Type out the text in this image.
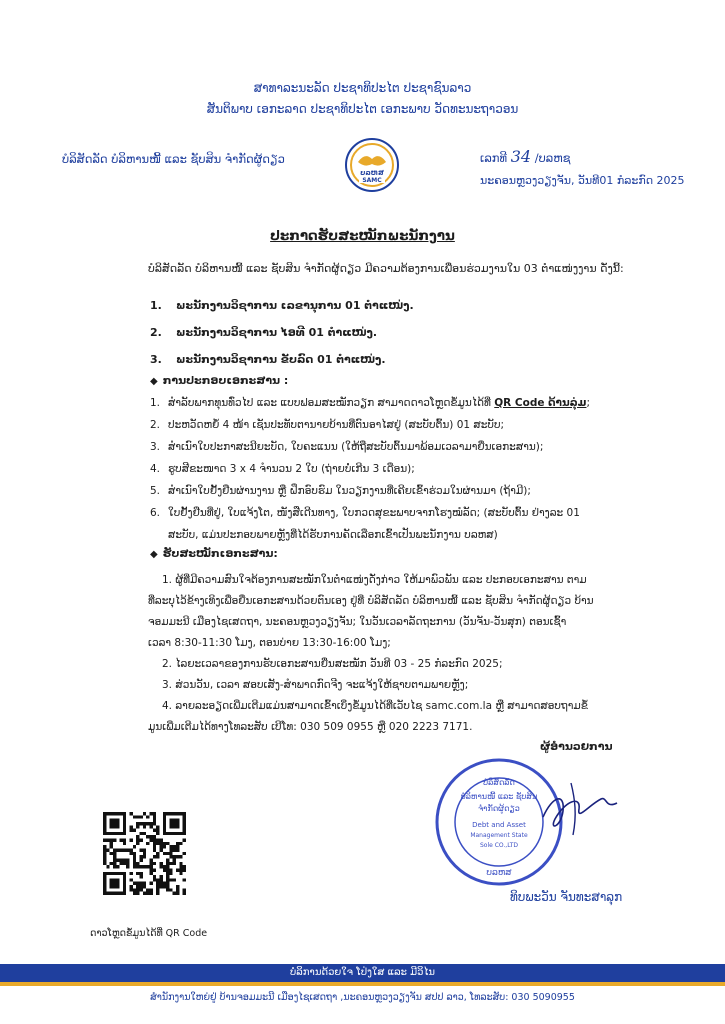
ສາທາລະນະລັດ ປະຊາທິປະໄຕ ປະຊາຊົນລາວ
ສັນຕິພາບ ເອກະລາດ ປະຊາທິປະໄຕ ເອກະພາບ ວັດທະນະຖາວອນ
ບໍລິສັດລັດ ບໍລິຫານໜີ້ ແລະ ຊັບສິນ ຈຳກັດຜູ້ດຽວ
ບລຫສ
SAMC
ເລກທີ 34 /ບລຫຊ
ນະຄອນຫຼວງວຽງຈັນ, ວັນທີ01 ກໍລະກົດ 2025
ປະກາດຮັບສະໝັກພະນັກງານ
ບໍລິສັດລັດ ບໍລິຫານໜີ້ ແລະ ຊັບສິນ ຈຳກັດຜູ້ດຽວ ມີຄວາມຕ້ອງການເພື່ອນຮ່ວມງານໃນ 03 ຕຳແໜ່ງງານ ດັ່ງນີ້:
1. ພະນັກງານວິຊາການ ເລຂານຸການ 01 ຕຳແໜ່ງ.
2. ພະນັກງານວິຊາການ ໄອທີ 01 ຕຳແໜ່ງ.
3. ພະນັກງານວິຊາການ ຂັບລົດ 01 ຕຳແໜ່ງ.
◆ ການປະກອບເອກະສານ :
1. ສຳລັບພາກທຸນທົ່ວໄປ ແລະ ແບບຟອມສະໝັກວຽກ ສາມາດດາວໂຫຼດຂໍ້ມູນໄດ້ທີ່ QR Code ດ້ານລຸ່ມ;
2. ປະຫວັດຫຍໍ້ 4 ໜ້າ ເຊັນປະທັບຕານາຍບ້ານທີ່ຕົນອາໄສຢູ່ (ສະບັບຕົ້ນ) 01 ສະບັບ;
3. ສຳເນົາໃບປະກາສະນີຍະບັດ, ໃບຄະແນນ (ໃຫ້ຖືສະບັບຕົ້ນມາພ້ອມເວລາມາຍື່ນເອກະສານ);
4. ຮູບສີຂະໜາດ 3 x 4 ຈຳນວນ 2 ໃບ (ຖ່າຍບໍ່ເກີນ 3 ເດືອນ);
5. ສຳເນົາໃບຢັ້ງຢືນຜ່ານງານ ຫຼື ຝຶກອົບຮົມ ໃນວຽກງານທີ່ເຄີຍເຂົ້າຮ່ວມໃນຜ່ານມາ (ຖ້າມີ);
6. ໃບຢັ້ງຢືນທີ່ຢູ່, ໃບແຈ້ງໂຕ, ໜັງສືເດີນທາງ, ໃບກວດສຸຂະພາບຈາກໂຮງໝໍລັດ; (ສະບັບຕົ້ນ ຢ່າງລະ 01
ສະບັບ, ແມ່ນປະກອບພາຍຫຼັງທີ່ໄດ້ຮັບການຄັດເລືອກເຂົ້າເປັນພະນັກງານ ບລຫສ)
◆ ຮັບສະໝັກເອກະສານ:
1. ຜູ້ທີ່ມີຄວາມສົນໃຈຕ້ອງການສະໝັກໃນຕຳແໜ່ງດັ່ງກ່າວ ໃຫ້ມາພົວພັນ ແລະ ປະກອບເອກະສານ ຕາມ
ທີ່ລະບຸໄວ້ຂ້າງເທິງເພື່ອຍື່ນເອກະສານດ້ວຍຕົນເອງ ຢູ່ທີ່ ບໍລິສັດລັດ ບໍລິຫານໜີ້ ແລະ ຊັບສິນ ຈຳກັດຜູ້ດຽວ ບ້ານ
ຈອມມະນີ ເມືອງໄຊເສດຖາ, ນະຄອນຫຼວງວຽງຈັນ; ໃນວັນເວລາລັດຖະການ (ວັນຈັນ-ວັນສຸກ) ຕອນເຊົ້າ
ເວລາ 8:30-11:30 ໂມງ, ຕອນບ່າຍ 13:30-16:00 ໂມງ;
2. ໄລຍະເວລາຂອງການຮັບເອກະສານຍື່ນສະໝັກ ວັນທີ 03 - 25 ກໍລະກົດ 2025;
3. ສ່ວນວັນ, ເວລາ ສອບເສັງ-ສຳພາດກົດຈີງ ຈະແຈ້ງໃຫ້ຊາບຕາມພາຍຫຼັງ;
4. ລາຍລະອຽດເພີ່ມເຕີມແມ່ນສາມາດເຂົ້າເບິ່ງຂໍ້ມູນໄດ້ທີ່ເວັບໄຊ samc.com.la ຫຼື ສາມາດສອບຖາມຂໍ້
ມູນເພີ່ມເຕີມໄດ້ທາງໂທລະສັບ ເບີໂທ: 030 509 0955 ຫຼື 020 2223 7171.
ຜູ້ອຳນວຍການ
ບໍລິສັດລັດ
ບໍລິຫານໜີ້ ແລະ ຊັບສິນ
ຈຳກັດຜູ້ດຽວ
Debt and Asset
Management State
Sole CO.,LTD
ບລຫສ
ທິບພະວັນ ຈັນທະສາລຸກ
ດາວໂຫຼດຂໍ້ມູນໄດ້ທີ່ QR Code
ບໍລິການດ້ວຍໃຈ ໂປ່ງໃສ ແລະ ມີວິໄນ
ສຳນັກງານໃຫຍ່ຢູ່ ບ້ານຈອມມະນີ ເມືອງໄຊເສດຖາ ,ນະຄອນຫຼວງວຽງຈັນ ສປປ ລາວ, ໂທລະສັບ: 030 5090955
